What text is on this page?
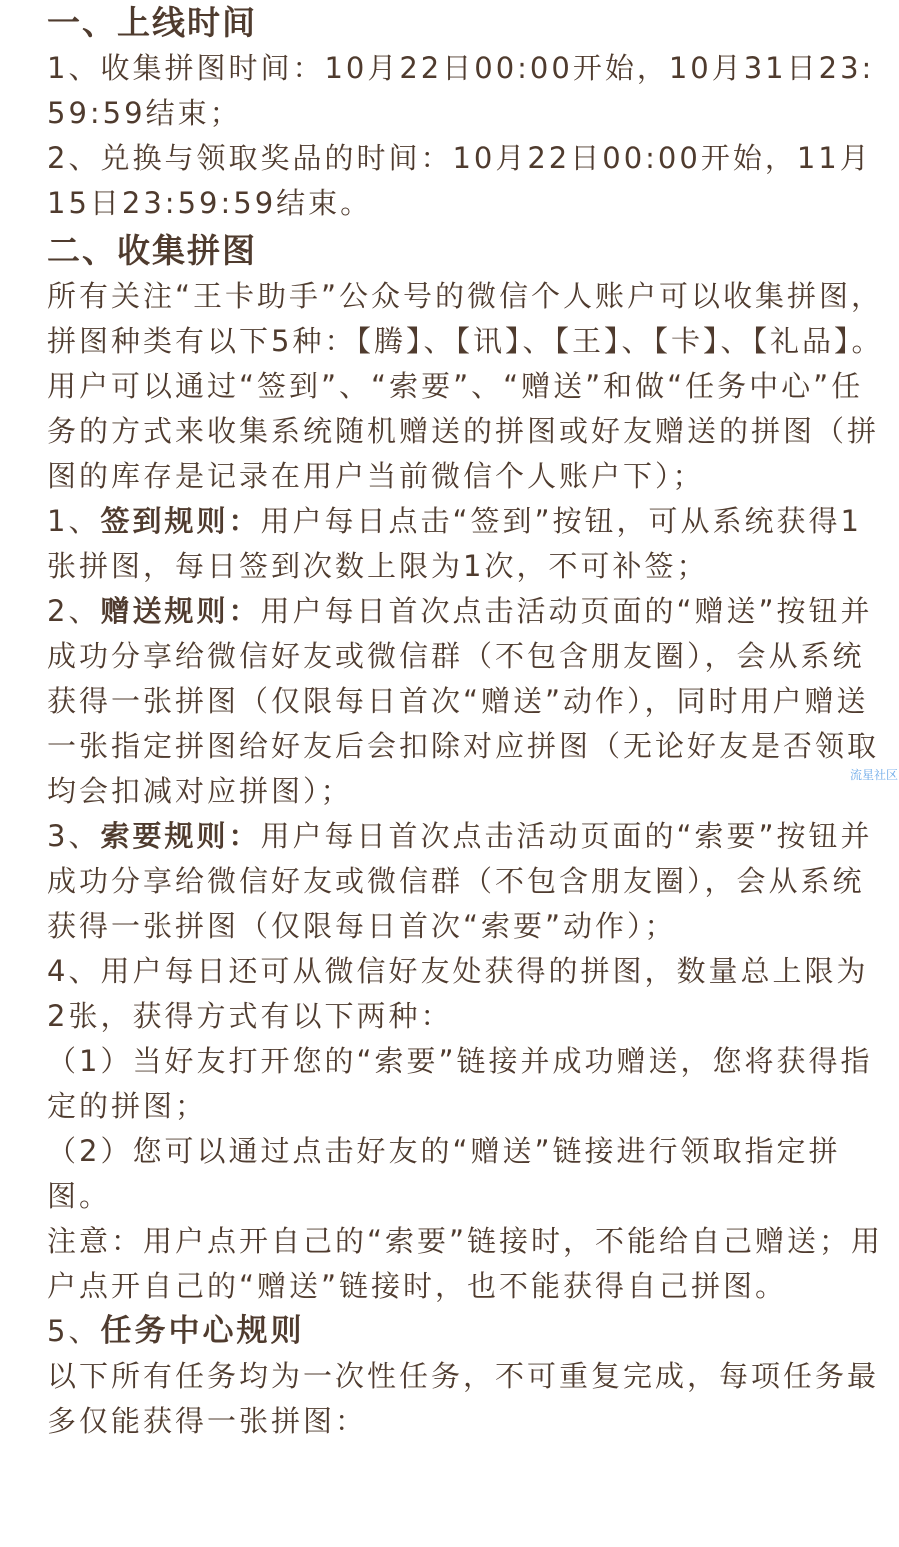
一、上线时间

1、收集拼图时间：10月22日00:00开始，10月31日23:59:59结束；

2、兑换与领取奖品的时间：10月22日00:00开始，11月15日23:59:59结束。

二、收集拼图

所有关注“王卡助手”公众号的微信个人账户可以收集拼图，拼图种类有以下5种：【腾】、【讯】、【王】、【卡】、【礼品】。用户可以通过“签到”、“索要”、“赠送”和做“任务中心”任务的方式来收集系统随机赠送的拼图或好友赠送的拼图（拼图的库存是记录在用户当前微信个人账户下）；

1、签到规则：用户每日点击“签到”按钮，可从系统获得1张拼图，每日签到次数上限为1次，不可补签；

2、赠送规则：用户每日首次点击活动页面的“赠送”按钮并成功分享给微信好友或微信群（不包含朋友圈），会从系统获得一张拼图（仅限每日首次“赠送”动作），同时用户赠送一张指定拼图给好友后会扣除对应拼图（无论好友是否领取均会扣减对应拼图）；

3、索要规则：用户每日首次点击活动页面的“索要”按钮并成功分享给微信好友或微信群（不包含朋友圈），会从系统获得一张拼图（仅限每日首次“索要”动作）；

4、用户每日还可从微信好友处获得的拼图，数量总上限为2张，获得方式有以下两种：

（1）当好友打开您的“索要”链接并成功赠送，您将获得指定的拼图；

（2）您可以通过点击好友的“赠送”链接进行领取指定拼图。

注意：用户点开自己的“索要”链接时，不能给自己赠送；用户点开自己的“赠送”链接时，也不能获得自己拼图。

5、任务中心规则

以下所有任务均为一次性任务，不可重复完成，每项任务最多仅能获得一张拼图：

流星社区
